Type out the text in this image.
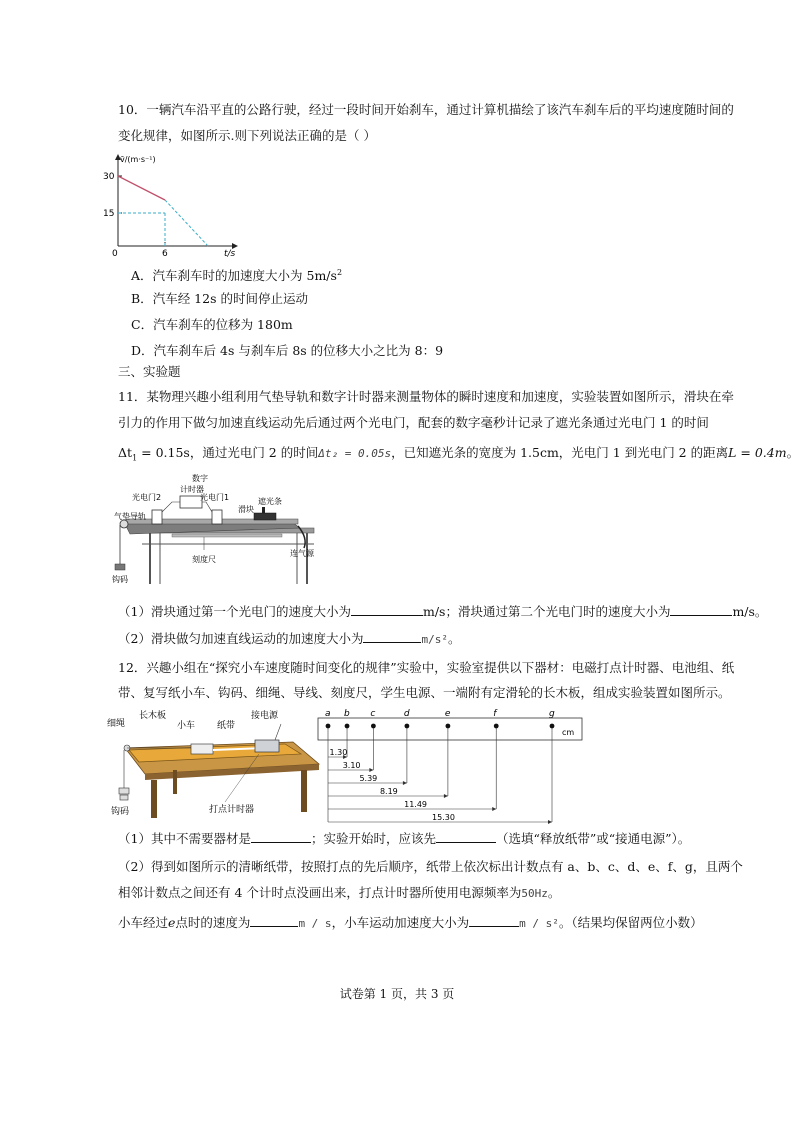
10．一辆汽车沿平直的公路行驶，经过一段时间开始刹车，通过计算机描绘了该汽车刹车后的平均速度随时间的
变化规律，如图所示.则下列说法正确的是（ ）
v̄/(m·s⁻¹)
30
15
0	6	t/s
A．汽车刹车时的加速度大小为 $5m/s^2$
B．汽车经 12s 的时间停止运动
C．汽车刹车的位移为 180m
D．汽车刹车后 4s 与刹车后 8s 的位移大小之比为 8：9
三、实验题
11．某物理兴趣小组利用气垫导轨和数字计时器来测量物体的瞬时速度和加速度，实验装置如图所示，滑块在牵
引力的作用下做匀加速直线运动先后通过两个光电门，配套的数字毫秒计记录了遮光条通过光电门 1 的时间
$\Delta t_1 = 0.15s$，通过光电门 2 的时间Δt₂ = 0.05s，已知遮光条的宽度为 1.5cm，光电门 1 到光电门 2 的距离L = 0.4m。
数字
计时器
光电门2	光电门1
滑块
遮光条
气垫导轨
连气源
刻度尺
钩码
（1）滑块通过第一个光电门的速度大小为	m/s；滑块通过第二个光电门时的速度大小为	m/s。
（2）滑块做匀加速直线运动的加速度大小为	m/s²。
12．兴趣小组在“探究小车速度随时间变化的规律”实验中，实验室提供以下器材：电磁打点计时器、电池组、纸
带、复写纸小车、钩码、细绳、导线、刻度尺，学生电源、一端附有定滑轮的长木板，组成实验装置如图所示。
细绳
长木板
小车 纸带
接电源
钩码	打点计时器
a b c	d	e	f	g
1.30
3.10
5.39
8.19
11.49
15.30
cm
（1）其中不需要器材是	；实验开始时，应该先	（选填“释放纸带”或“接通电源”）。
（2）得到如图所示的清晰纸带，按照打点的先后顺序，纸带上依次标出计数点有 a、b、c、d、e、f、g，且两个
相邻计数点之间还有 4 个计时点没画出来，打点计时器所使用电源频率为50Hz。
小车经过e点时的速度为	m / s，小车运动加速度大小为	m / s²。（结果均保留两位小数）
试卷第 1 页，共 3 页
